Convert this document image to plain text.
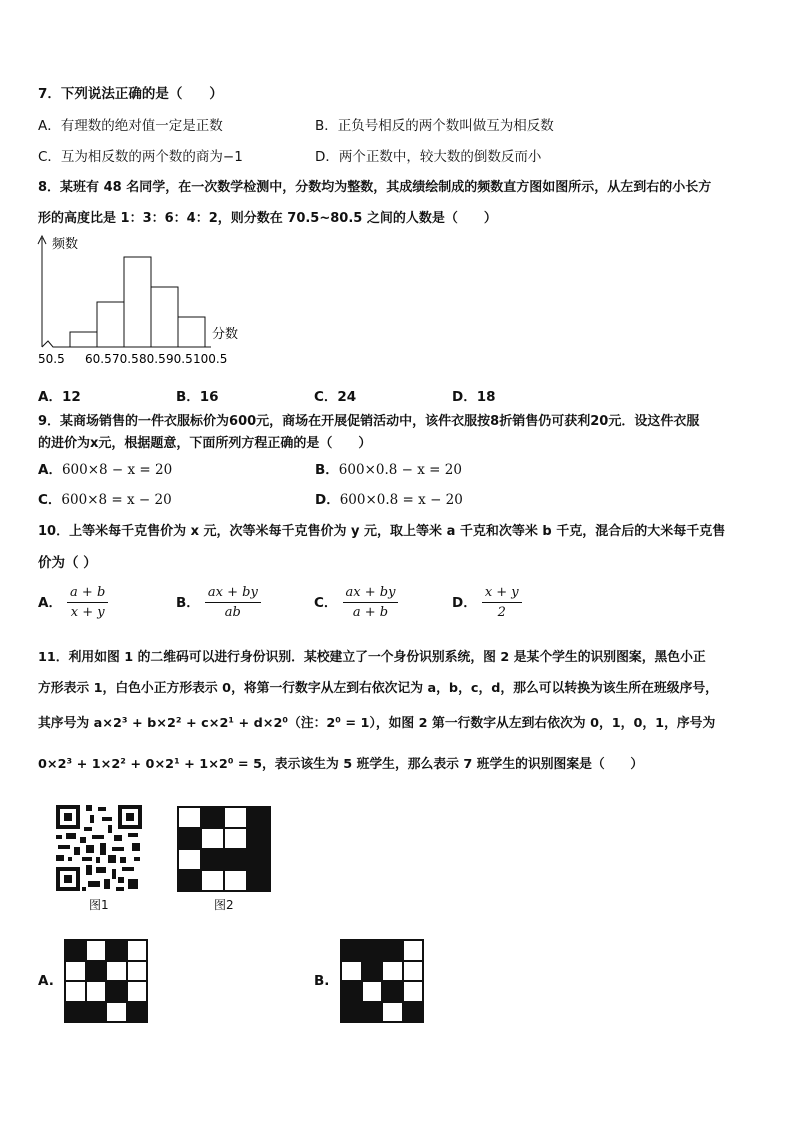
7．下列说法正确的是（　　）
A．有理数的绝对值一定是正数	B．正负号相反的两个数叫做互为相反数
C．互为相反数的两个数的商为−1	D．两个正数中，较大数的倒数反而小
8．某班有 48 名同学，在一次数学检测中，分数均为整数，其成绩绘制成的频数直方图如图所示，从左到右的小长方
形的高度比是 1：3：6：4：2，则分数在 70.5~80.5 之间的人数是（　　）
50.5 60.5 70.5 80.5 90.5 100.5
频数
分数
A．12	B．16	C．24	D．18
9．某商场销售的一件衣服标价为600元，商场在开展促销活动中，该件衣服按8折销售仍可获利20元．设这件衣服
的进价为x元，根据题意，下面所列方程正确的是（　　）
A．600×8 − x = 20	B．600×0.8 − x = 20
C．600×8 = x − 20	D．600×0.8 = x − 20
10．上等米每千克售价为 x 元，次等米每千克售价为 y 元，取上等米 a 千克和次等米 b 千克，混合后的大米每千克售
价为（ ）
A． $\frac{a + b}{x + y}$	B． $\frac{ax + by}{ab}$	C． $\frac{ax + by}{a + b}$	D． $\frac{x + y}{2}$
11．利用如图 1 的二维码可以进行身份识别．某校建立了一个身份识别系统，图 2 是某个学生的识别图案，黑色小正
方形表示 1，白色小正方形表示 0，将第一行数字从左到右依次记为 a，b，c，d，那么可以转换为该生所在班级序号，
其序号为 a×2³ + b×2² + c×2¹ + d×2⁰（注：2⁰ = 1），如图 2 第一行数字从左到右依次为 0，1，0，1，序号为
0×2³ + 1×2² + 0×2¹ + 1×2⁰ = 5，表示该生为 5 班学生，那么表示 7 班学生的识别图案是（　　）
图1	图2
A.	B.
